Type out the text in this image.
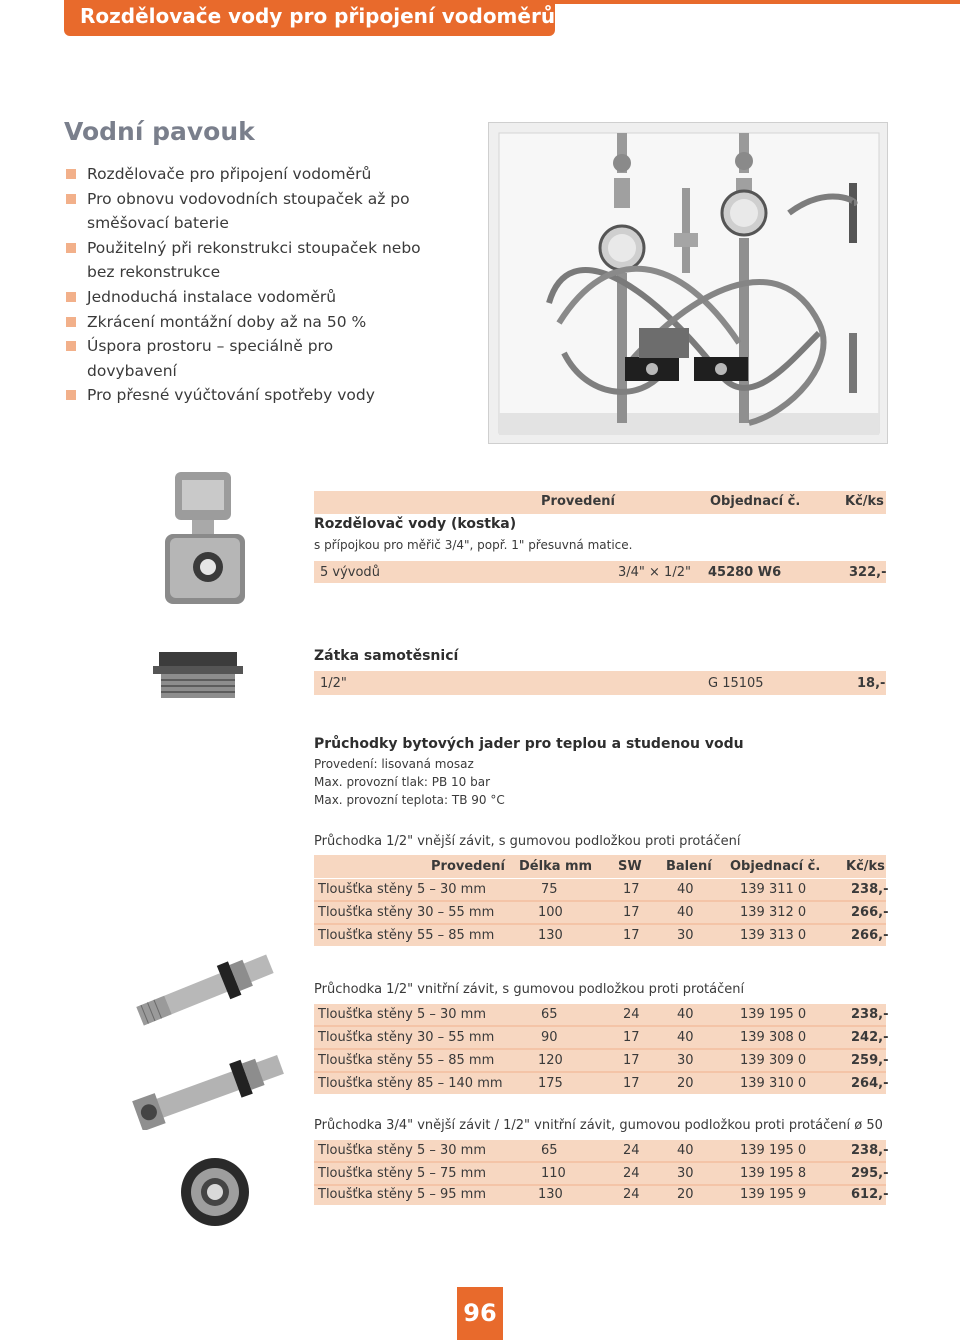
Rozdělovače vody pro připojení vodoměrů
Vodní pavouk
Rozdělovače pro připojení vodoměrů
Pro obnovu vodovodních stoupaček až po
směšovací baterie
Použitelný při rekonstrukci stoupaček nebo
bez rekonstrukce
Jednoduchá instalace vodoměrů
Zkrácení montážní doby až na 50 %
Úspora prostoru – speciálně pro
dovybavení
Pro přesné vyúčtování spotřeby vody
Provedení	Objednací č.	Kč/ks
Rozdělovač vody (kostka)
s přípojkou pro měřič 3/4", popř. 1" přesuvná matice.
5 vývodů	3/4" × 1/2" 45280 W6	322,-
Zátka samotěsnicí
1/2"	G 15105	18,-
Průchodky bytových jader pro teplou a studenou vodu
Provedení: lisovaná mosaz
Max. provozní tlak: PB 10 bar
Max. provozní teplota: TB 90 °C
Průchodka 1/2" vnější závit, s gumovou podložkou proti protáčení
Provedení Délka mm SW Balení Objednací č. Kč/ks
Tloušťka stěny 5 – 30 mm	75	17	40	139 311 0	238,-
Tloušťka stěny 30 – 55 mm	100	17	40	139 312 0	266,-
Tloušťka stěny 55 – 85 mm	130	17	30	139 313 0	266,-
Průchodka 1/2" vnitřní závit, s gumovou podložkou proti protáčení
Tloušťka stěny 5 – 30 mm	65	24	40	139 195 0	238,-
Tloušťka stěny 30 – 55 mm	90	17	40	139 308 0	242,-
Tloušťka stěny 55 – 85 mm	120	17	30	139 309 0	259,-
Tloušťka stěny 85 – 140 mm	175	17	20	139 310 0	264,-
Průchodka 3/4" vnější závit / 1/2" vnitřní závit, gumovou podložkou proti protáčení ø 50
Tloušťka stěny 5 – 30 mm	65	24	40	139 195 0	238,-
Tloušťka stěny 5 – 75 mm	110	24	30	139 195 8	295,-
Tloušťka stěny 5 – 95 mm	130	24	20	139 195 9	612,-
96
